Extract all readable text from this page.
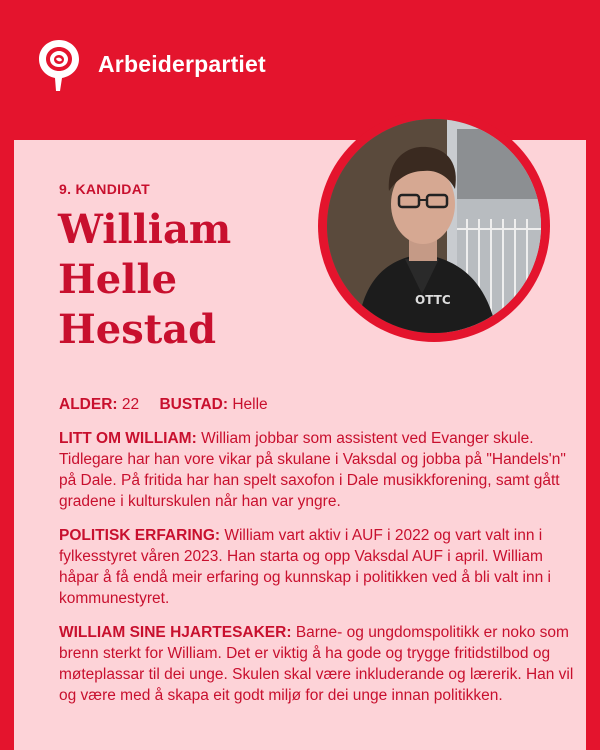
Arbeiderpartiet
OTTC
9. KANDIDAT
William
Helle
Hestad
ALDER: 22 BUSTAD: Helle

LITT OM WILLIAM: William jobbar som assistent ved Evanger skule. Tidlegare har han vore vikar på skulane i Vaksdal og jobba på "Handels'n" på Dale. På fritida har han spelt saxofon i Dale musikkforening, samt gått gradene i kulturskulen når han var yngre.

POLITISK ERFARING: William vart aktiv i AUF i 2022 og vart valt inn i fylkesstyret våren 2023. Han starta og opp Vaksdal AUF i april. William håpar å få endå meir erfaring og kunnskap i politikken ved å bli valt inn i kommunestyret.

WILLIAM SINE HJARTESAKER: Barne- og ungdomspolitikk er noko som brenn sterkt for William. Det er viktig å ha gode og trygge fritidstilbod og møteplassar til dei unge. Skulen skal være inkluderande og lærerik. Han vil og være med å skapa eit godt miljø for dei unge innan politikken.
